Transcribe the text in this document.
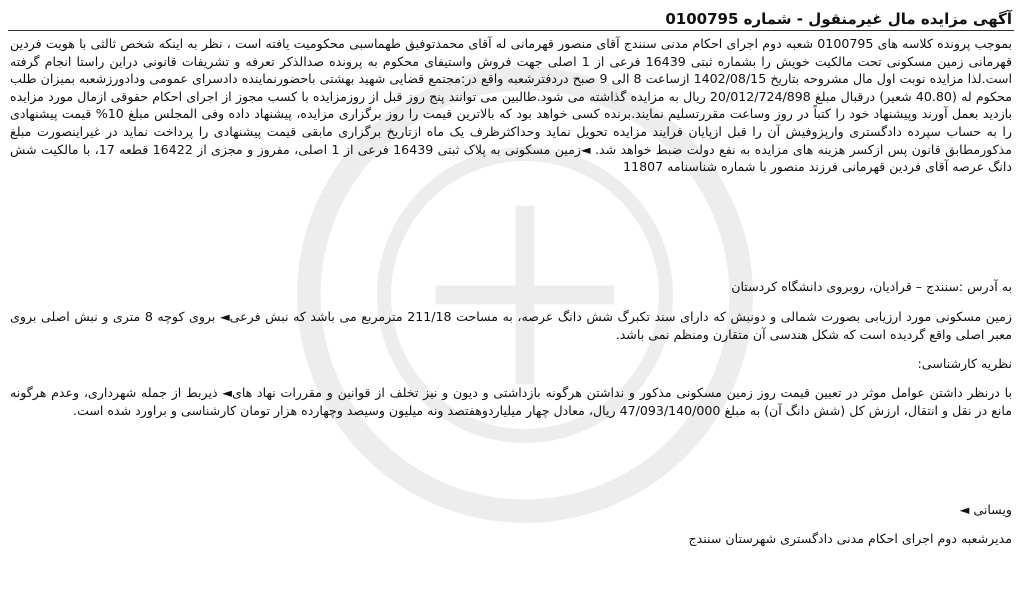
آگهی مزایده مال غیرمنقول - شماره 0100795

بموجب پرونده کلاسه های 0100795 شعبه دوم اجرای احکام مدنی سنندج آقای منصور قهرمانی له آقای محمدتوفیق طهماسبی محکومیت یافته است ، نظر به اینکه شخص ثالثی با هویت فردین قهرمانی زمین مسکونی تحت مالکیت خویش را بشماره ثبتی 16439 فرعی از 1 اصلی جهت فروش واستیفای محکوم به پرونده صدالذکر تعرفه و تشریفات قانونی دراین راستا انجام گرفته است.لذا مزایده نوبت اول مال مشروحه بتاریخ 1402/08/15 ازساعت 8 الی 9 صبح دردفترشعبه واقع در:مجتمع قضایی شهید بهشتی باحضورنماینده دادسرای عمومی ودادورزشعبه بمیزان طلب محکوم له (40.80 شعیر) درقبال مبلغ 20/012/724/898 ریال به مزایده گذاشته می شود.طالبین می توانند پنج روز قبل از روزمزایده با کسب مجوز از اجرای احکام حقوقی ازمال مورد مزایده بازدید بعمل آورند وپیشنهاد خود را کتباً در روز وساعت مقررتسلیم نمایند.برنده کسی خواهد بود که بالاترین قیمت را روز برگزاری مزایده، پیشنهاد داده وفی المجلس مبلغ 10% قیمت پیشنهادی را به حساب سپرده دادگستری وارپزوفیش آن را قبل ازپایان فرایند مزایده تحویل نماید وحداکثرظرف یک ماه ازتاریخ برگزاری مابقی قیمت پیشنهادی را پرداخت نماید در غیراینصورت مبلغ مذکورمطابق قانون پس ازکسر هزینه های مزایده به نفع دولت ضبط خواهد شد. ◄زمین مسکونی به پلاک ثبتی 16439 فرعی از 1 اصلی، مفروز و مجزی از 16422 قطعه 17، با مالکیت شش دانگ عرصه آقای فردین قهرمانی فرزند منصور با شماره شناسنامه 11807

به آدرس :سنندج – قرادیان، روبروی دانشگاه کردستان

زمین مسکونی مورد ارزیابی بصورت شمالی و دونبش که دارای سند تکبرگ شش دانگ عرصه، به مساحت 211/18 مترمربع می باشد که نبش فرعی◄ بروی کوچه 8 متری و نبش اصلی بروی معبر اصلی واقع گردیده است که شکل هندسی آن متقارن ومنظم نمی باشد.

نظریه کارشناسی:

با درنظر داشتن عوامل موثر در تعیین قیمت روز زمین مسکونی مذکور و نداشتن هرگونه بازداشتی و دیون و نیز تخلف از قوانین و مقررات نهاد های◄ ذیربط از جمله شهرداری، وعدم هرگونه مانع در نقل و انتقال، ارزش کل (شش دانگ آن) به مبلغ 47/093/140/000 ریال، معادل چهار میلیاردوهفتصد ونه میلیون وسیصد وچهارده هزار تومان کارشناسی و براورد شده است.

ویسانی ◄

مدیرشعبه دوم اجرای احکام مدنی دادگستری شهرستان سنندج
